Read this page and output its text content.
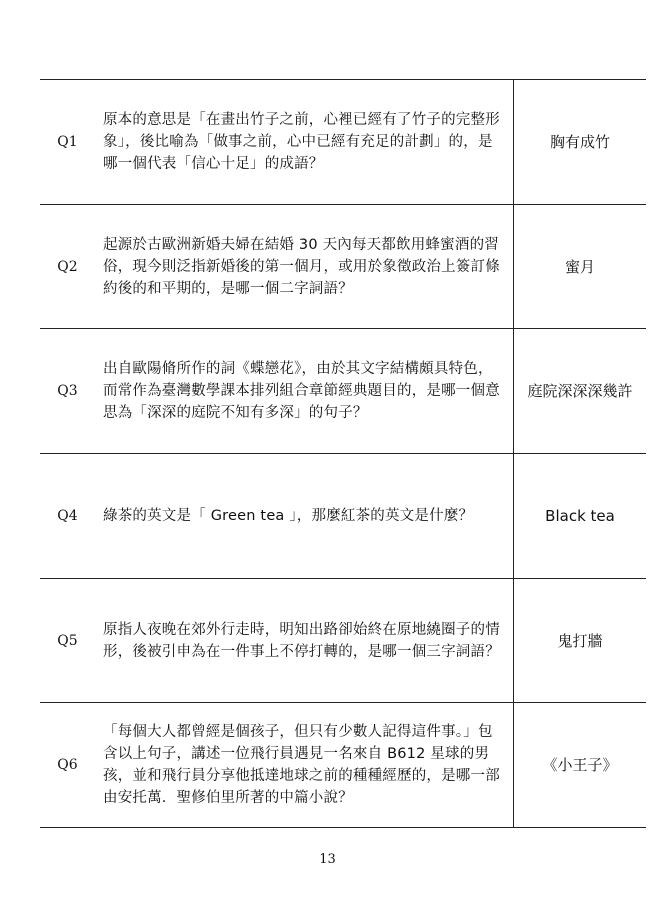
Q1	原本的意思是「在畫出竹子之前，心裡已經有了竹子的完整形象」，後比喻為「做事之前，心中已經有充足的計劃」的，是哪一個代表「信心十足」的成語？	胸有成竹
Q2	起源於古歐洲新婚夫婦在結婚 30 天內每天都飲用蜂蜜酒的習俗，現今則泛指新婚後的第一個月，或用於象徵政治上簽訂條約後的和平期的，是哪一個二字詞語？	蜜月
Q3	出自歐陽脩所作的詞《蝶戀花》，由於其文字結構頗具特色，而常作為臺灣數學課本排列組合章節經典題目的，是哪一個意思為「深深的庭院不知有多深」的句子？	庭院深深深幾許
Q4	綠茶的英文是「 Green tea 」，那麼紅茶的英文是什麼？	Black tea
Q5	原指人夜晚在郊外行走時，明知出路卻始終在原地繞圈子的情形，後被引申為在一件事上不停打轉的，是哪一個三字詞語？	鬼打牆
Q6	「每個大人都曾經是個孩子，但只有少數人記得這件事。」包含以上句子，講述一位飛行員遇見一名來自 B612 星球的男孩，並和飛行員分享他抵達地球之前的種種經歷的，是哪一部由安托萬．聖修伯里所著的中篇小說？	《小王子》
13
